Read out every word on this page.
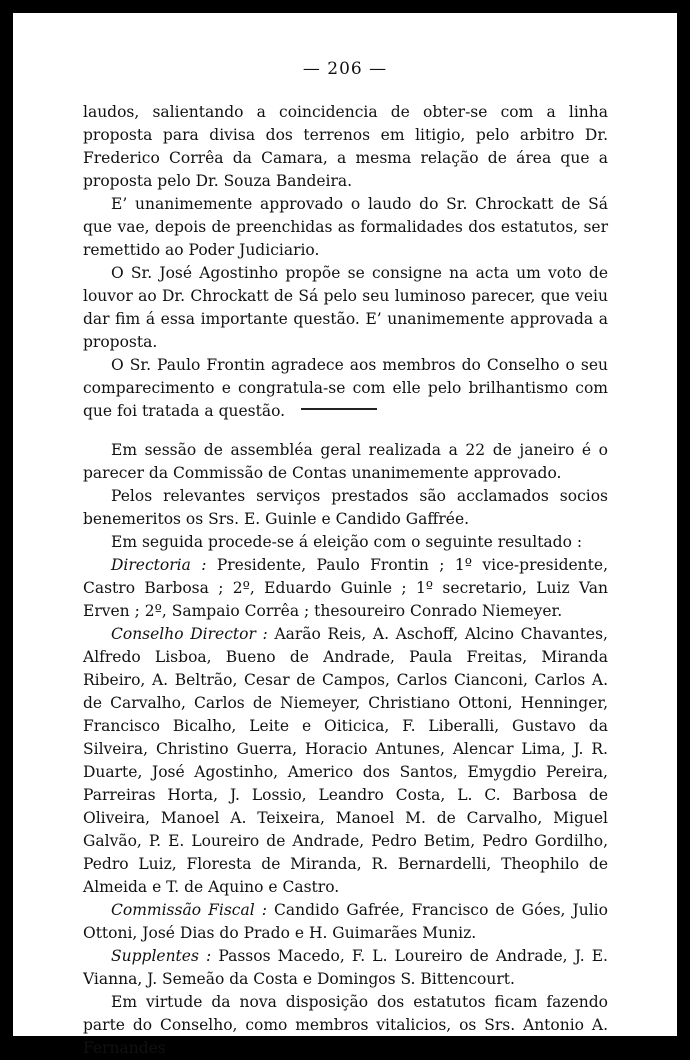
— 206 —

laudos, salientando a coincidencia de obter-se com a linha proposta para divisa dos terrenos em litigio, pelo arbitro Dr. Frederico Corrêa da Camara, a mesma relação de área que a proposta pelo Dr. Souza Bandeira.

E’ unanimemente approvado o laudo do Sr. Chrockatt de Sá que vae, depois de preenchidas as formalidades dos estatutos, ser remettido ao Poder Judiciario.

O Sr. José Agostinho propõe se consigne na acta um voto de louvor ao Dr. Chrockatt de Sá pelo seu luminoso parecer, que veiu dar fim á essa importante questão. E’ unanimemente approvada a proposta.

O Sr. Paulo Frontin agradece aos membros do Conselho o seu comparecimento e congratula-se com elle pelo brilhantismo com que foi tratada a questão.

Em sessão de assembléa geral realizada a 22 de janeiro é o parecer da Commissão de Contas unanimemente approvado.

Pelos relevantes serviços prestados são acclamados socios benemeritos os Srs. E. Guinle e Candido Gaffrée.

Em seguida procede-se á eleição com o seguinte resultado :

Directoria : Presidente, Paulo Frontin ; 1º vice-presidente, Castro Barbosa ; 2º, Eduardo Guinle ; 1º secretario, Luiz Van Erven ; 2º, Sampaio Corrêa ; thesoureiro Conrado Niemeyer.

Conselho Director : Aarão Reis, A. Aschoff, Alcino Chavantes, Alfredo Lisboa, Bueno de Andrade, Paula Freitas, Miranda Ribeiro, A. Beltrão, Cesar de Campos, Carlos Cianconi, Carlos A. de Carvalho, Carlos de Niemeyer, Christiano Ottoni, Henninger, Francisco Bicalho, Leite e Oiticica, F. Liberalli, Gustavo da Silveira, Christino Guerra, Horacio Antunes, Alencar Lima, J. R. Duarte, José Agostinho, Americo dos Santos, Emygdio Pereira, Parreiras Horta, J. Lossio, Leandro Costa, L. C. Barbosa de Oliveira, Manoel A. Teixeira, Manoel M. de Carvalho, Miguel Galvão, P. E. Loureiro de Andrade, Pedro Betim, Pedro Gordilho, Pedro Luiz, Floresta de Miranda, R. Bernardelli, Theophilo de Almeida e T. de Aquino e Castro.

Commissão Fiscal : Candido Gafrée, Francisco de Góes, Julio Ottoni, José Dias do Prado e H. Guimarães Muniz.

Supplentes : Passos Macedo, F. L. Loureiro de Andrade, J. E. Vianna, J. Semeão da Costa e Domingos S. Bittencourt.

Em virtude da nova disposição dos estatutos ficam fazendo parte do Conselho, como membros vitalicios, os Srs. Antonio A. Fernandes
